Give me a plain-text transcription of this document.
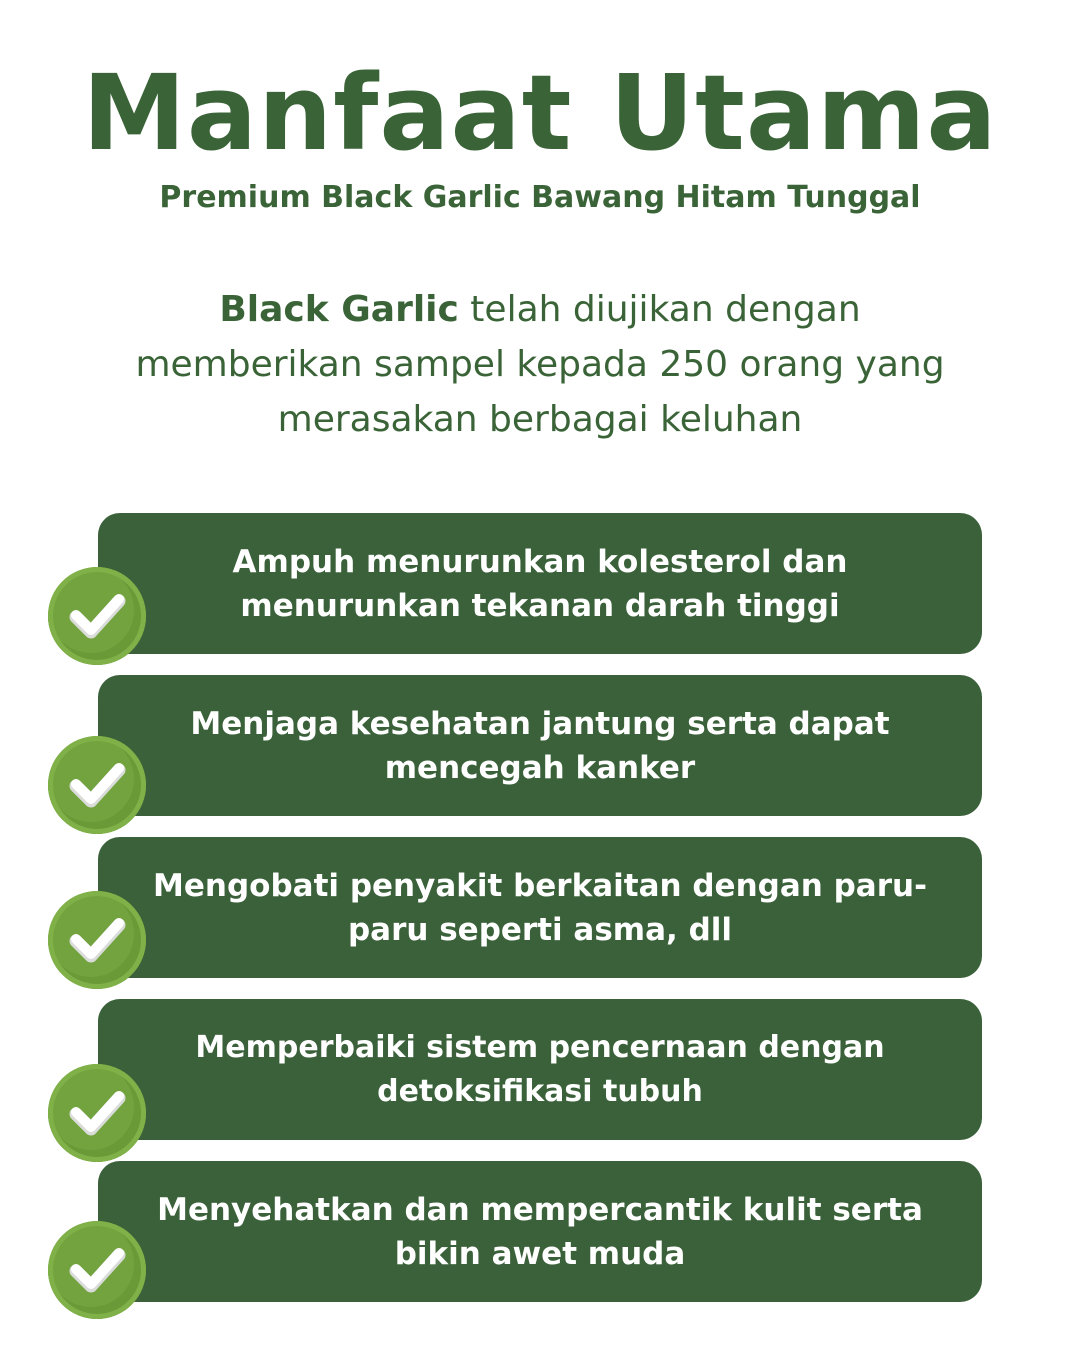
Manfaat Utama
Premium Black Garlic Bawang Hitam Tunggal
Black Garlic telah diujikan dengan memberikan sampel kepada 250 orang yang merasakan berbagai keluhan
Ampuh menurunkan kolesterol dan menurunkan tekanan darah tinggi
Menjaga kesehatan jantung serta dapat mencegah kanker
Mengobati penyakit berkaitan dengan paru-paru seperti asma, dll
Memperbaiki sistem pencernaan dengan detoksifikasi tubuh
Menyehatkan dan mempercantik kulit serta bikin awet muda
